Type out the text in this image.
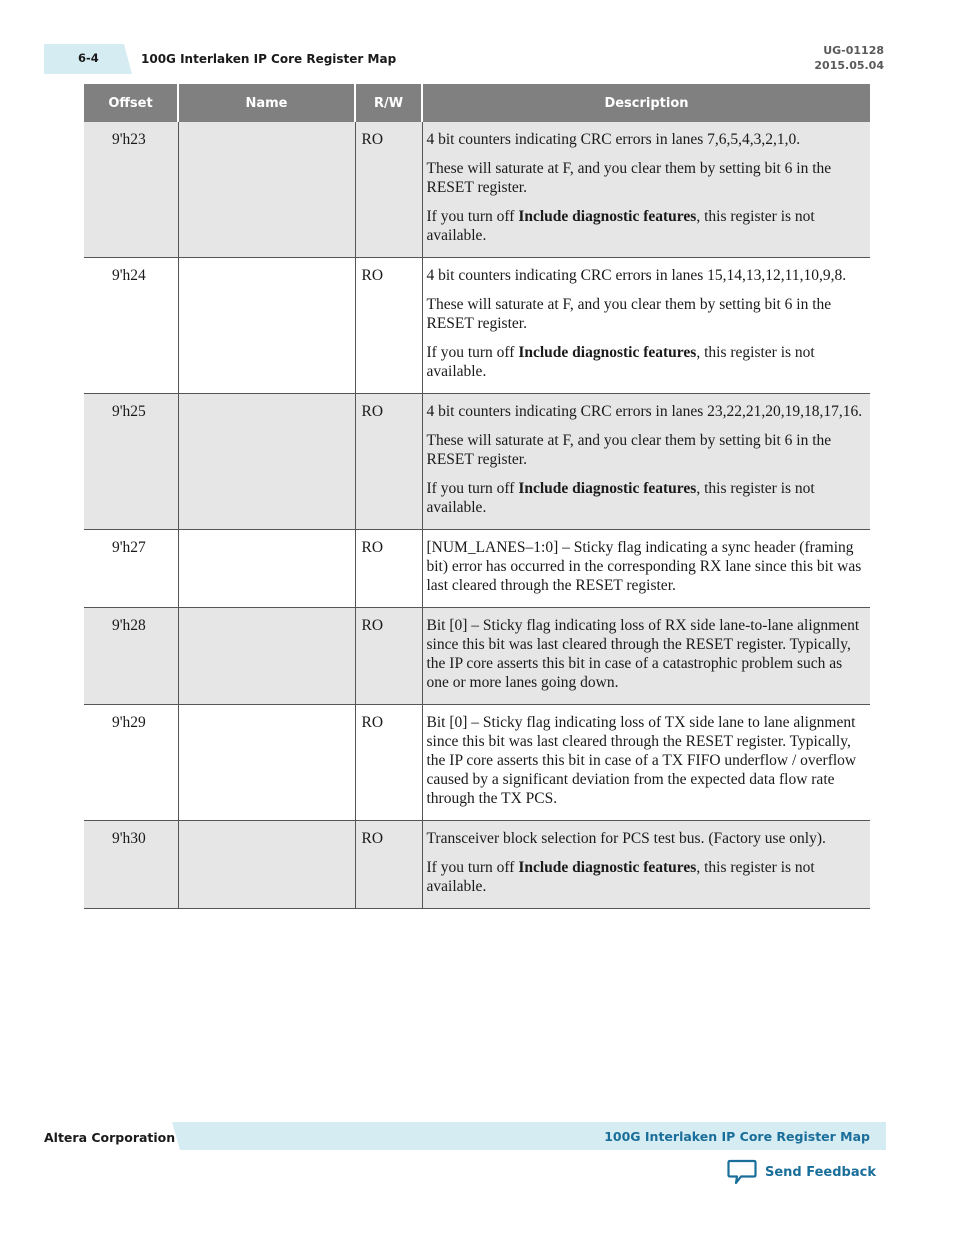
6-4	100G Interlaken IP Core Register Map
UG-01128
2015.05.04
Offset	Name	R/W	Description
9'h23		RO	4 bit counters indicating CRC errors in lanes 7,6,5,4,3,2,1,0.

These will saturate at F, and you clear them by setting bit 6 in the RESET register.

If you turn off Include diagnostic features, this register is not available.

9'h24		RO	4 bit counters indicating CRC errors in lanes 15,14,13,12,11,10,9,8.

These will saturate at F, and you clear them by setting bit 6 in the RESET register.

If you turn off Include diagnostic features, this register is not available.

9'h25		RO	4 bit counters indicating CRC errors in lanes 23,22,21,20,19,18,17,16.

These will saturate at F, and you clear them by setting bit 6 in the RESET register.

If you turn off Include diagnostic features, this register is not available.

9'h27		RO	[NUM_LANES–1:0] – Sticky flag indicating a sync header (framing bit) error has occurred in the corresponding RX lane since this bit was last cleared through the RESET register.

9'h28		RO	Bit [0] – Sticky flag indicating loss of RX side lane-to-lane alignment since this bit was last cleared through the RESET register. Typically, the IP core asserts this bit in case of a catastrophic problem such as one or more lanes going down.

9'h29		RO	Bit [0] – Sticky flag indicating loss of TX side lane to lane alignment since this bit was last cleared through the RESET register. Typically, the IP core asserts this bit in case of a TX FIFO underflow / overflow caused by a significant deviation from the expected data flow rate through the TX PCS.

9'h30		RO	Transceiver block selection for PCS test bus. (Factory use only).

If you turn off Include diagnostic features, this register is not available.

Altera Corporation	100G Interlaken IP Core Register Map
Send Feedback
